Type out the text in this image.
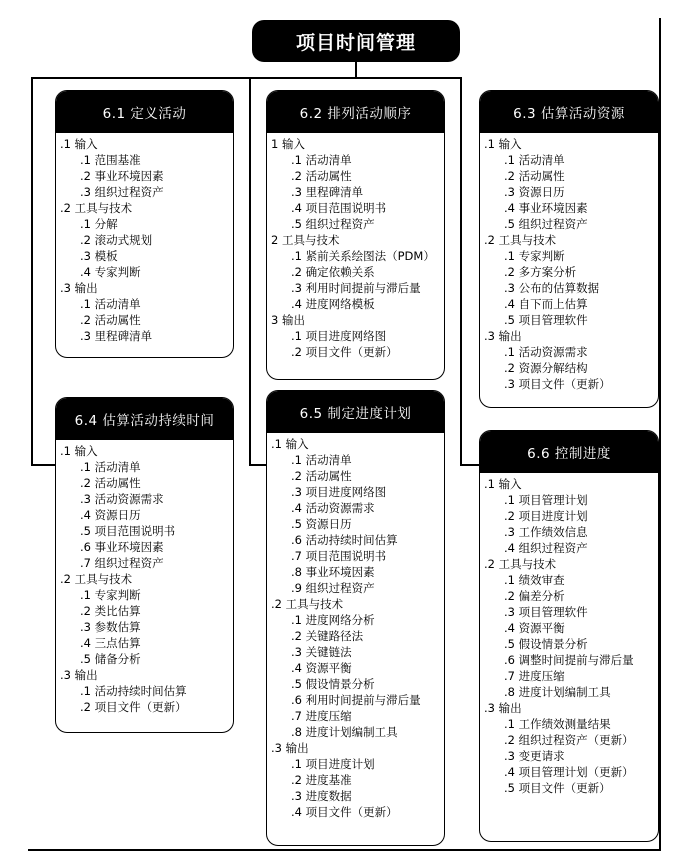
项目时间管理
6.1 定义活动
.1 输入
.1 范围基准
.2 事业环境因素
.3 组织过程资产
.2 工具与技术
.1 分解
.2 滚动式规划
.3 模板
.4 专家判断
.3 输出
.1 活动清单
.2 活动属性
.3 里程碑清单
6.2 排列活动顺序
1 输入
.1 活动清单
.2 活动属性
.3 里程碑清单
.4 项目范围说明书
.5 组织过程资产
2 工具与技术
.1 紧前关系绘图法（PDM）
.2 确定依赖关系
.3 利用时间提前与滞后量
.4 进度网络模板
3 输出
.1 项目进度网络图
.2 项目文件（更新）
6.3 估算活动资源
.1 输入
.1 活动清单
.2 活动属性
.3 资源日历
.4 事业环境因素
.5 组织过程资产
.2 工具与技术
.1 专家判断
.2 多方案分析
.3 公布的估算数据
.4 自下而上估算
.5 项目管理软件
.3 输出
.1 活动资源需求
.2 资源分解结构
.3 项目文件（更新）
6.4 估算活动持续时间
.1 输入
.1 活动清单
.2 活动属性
.3 活动资源需求
.4 资源日历
.5 项目范围说明书
.6 事业环境因素
.7 组织过程资产
.2 工具与技术
.1 专家判断
.2 类比估算
.3 参数估算
.4 三点估算
.5 储备分析
.3 输出
.1 活动持续时间估算
.2 项目文件（更新）
6.5 制定进度计划
.1 输入
.1 活动清单
.2 活动属性
.3 项目进度网络图
.4 活动资源需求
.5 资源日历
.6 活动持续时间估算
.7 项目范围说明书
.8 事业环境因素
.9 组织过程资产
.2 工具与技术
.1 进度网络分析
.2 关键路径法
.3 关键链法
.4 资源平衡
.5 假设情景分析
.6 利用时间提前与滞后量
.7 进度压缩
.8 进度计划编制工具
.3 输出
.1 项目进度计划
.2 进度基准
.3 进度数据
.4 项目文件（更新）
6.6 控制进度
.1 输入
.1 项目管理计划
.2 项目进度计划
.3 工作绩效信息
.4 组织过程资产
.2 工具与技术
.1 绩效审查
.2 偏差分析
.3 项目管理软件
.4 资源平衡
.5 假设情景分析
.6 调整时间提前与滞后量
.7 进度压缩
.8 进度计划编制工具
.3 输出
.1 工作绩效测量结果
.2 组织过程资产（更新）
.3 变更请求
.4 项目管理计划（更新）
.5 项目文件（更新）
